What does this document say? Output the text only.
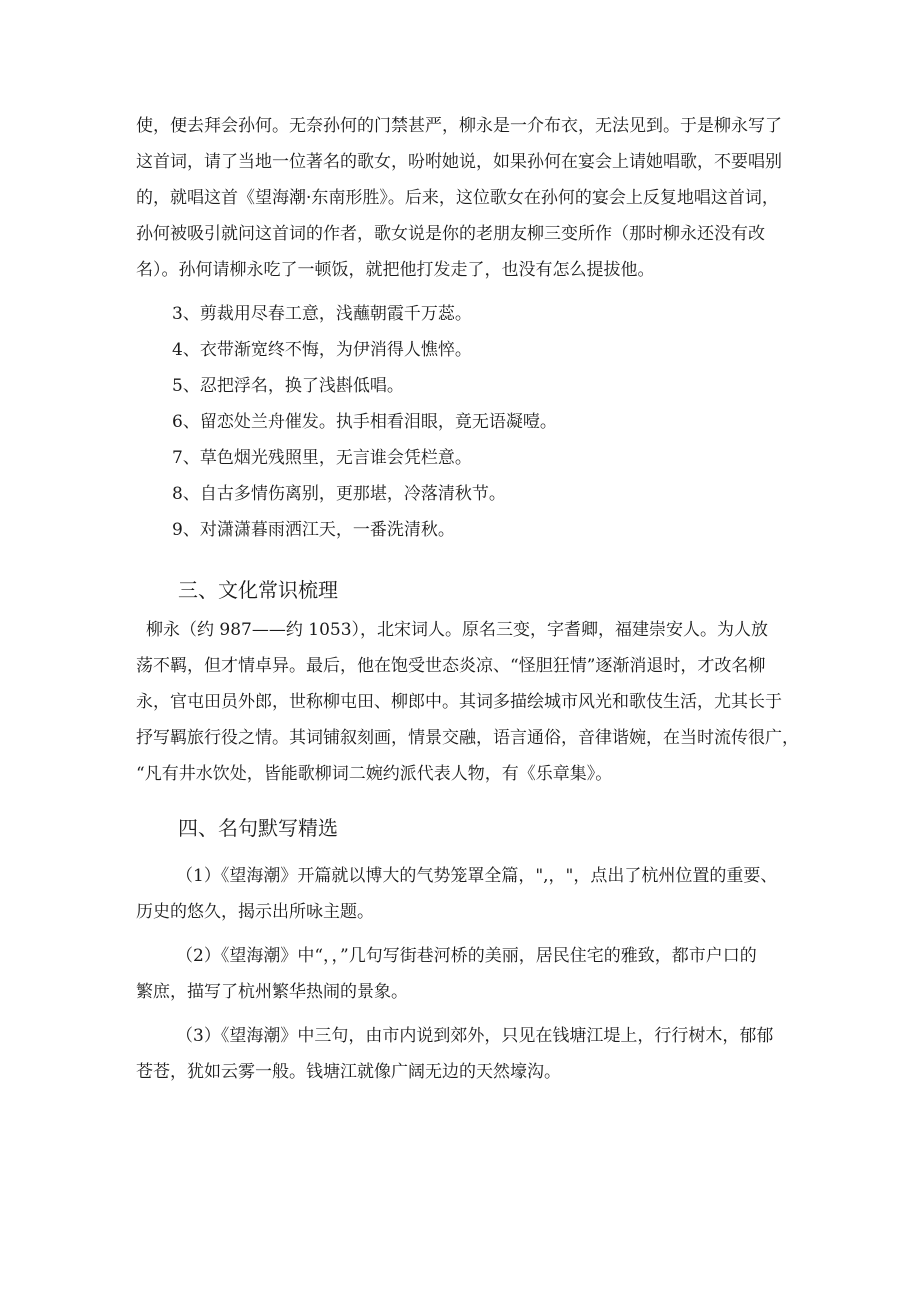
使，便去拜会孙何。无奈孙何的门禁甚严，柳永是一介布衣，无法见到。于是柳永写了

这首词，请了当地一位著名的歌女，吩咐她说，如果孙何在宴会上请她唱歌，不要唱别

的，就唱这首《望海潮·东南形胜》。后来，这位歌女在孙何的宴会上反复地唱这首词，

孙何被吸引就问这首词的作者，歌女说是你的老朋友柳三变所作（那时柳永还没有改

名）。孙何请柳永吃了一顿饭，就把他打发走了，也没有怎么提拔他。

3、剪裁用尽春工意，浅蘸朝霞千万蕊。

4、衣带渐宽终不悔，为伊消得人憔悴。

5、忍把浮名，换了浅斟低唱。

6、留恋处兰舟催发。执手相看泪眼，竟无语凝噎。

7、草色烟光残照里，无言谁会凭栏意。

8、自古多情伤离别，更那堪，冷落清秋节。

9、对潇潇暮雨洒江天，一番洗清秋。

三、文化常识梳理

柳永（约 987——约 1053），北宋词人。原名三变，字耆卿，福建崇安人。为人放

荡不羁，但才情卓异。最后，他在饱受世态炎凉、“怪胆狂情”逐渐消退时，才改名柳

永，官屯田员外郎，世称柳屯田、柳郎中。其词多描绘城市风光和歌伎生活，尤其长于

抒写羁旅行役之情。其词铺叙刻画，情景交融，语言通俗，音律谐婉，在当时流传很广，

“凡有井水饮处，皆能歌柳词二婉约派代表人物，有《乐章集》。

四、名句默写精选

（1）《望海潮》开篇就以博大的气势笼罩全篇，",，"，点出了杭州位置的重要、

历史的悠久，揭示出所咏主题。

（2）《望海潮》中“，，”几句写街巷河桥的美丽，居民住宅的雅致，都市户口的

繁庶，描写了杭州繁华热闹的景象。

（3）《望海潮》中三句，由市内说到郊外，只见在钱塘江堤上，行行树木，郁郁

苍苍，犹如云雾一般。钱塘江就像广阔无边的天然壕沟。
